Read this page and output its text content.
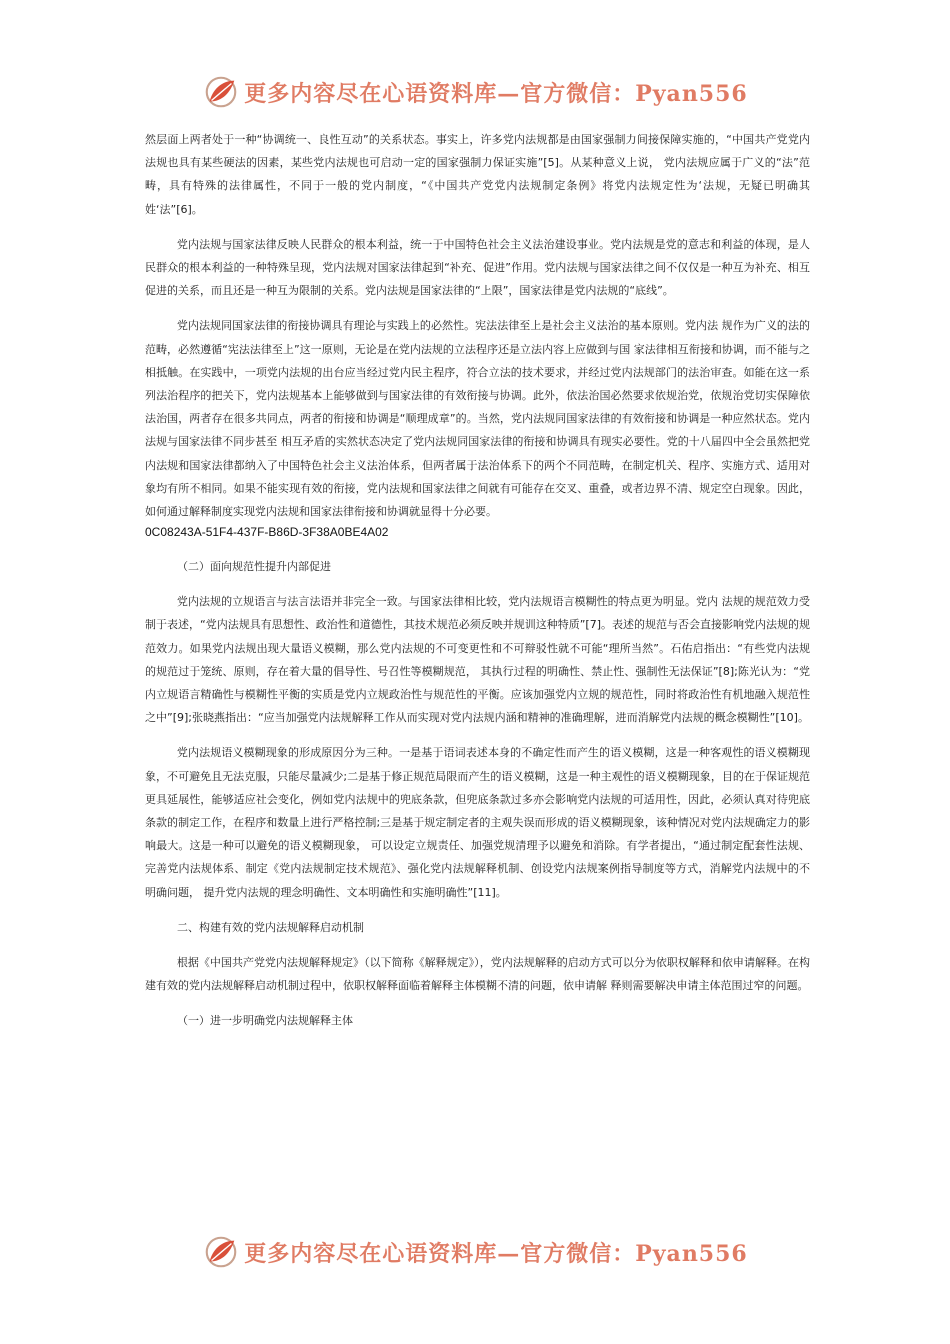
更多内容尽在心语资料库—官方微信：Pyan556

然层面上两者处于一种“协调统一、良性互动”的关系状态。事实上，许多党内法规都是由国家强制力间接保障实施的，“中国共产党党内法规也具有某些硬法的因素，某些党内法规也可启动一定的国家强制力保证实施”[5]。从某种意义上说， 党内法规应属于广义的“法”范畴，具有特殊的法律属性，不同于一般的党内制度，“《中国共产党党内法规制定条例》将党内法规定性为‘法规，无疑已明确其姓‘法”[6]。

党内法规与国家法律反映人民群众的根本利益，统一于中国特色社会主义法治建设事业。党内法规是党的意志和利益的体现，是人民群众的根本利益的一种特殊呈现，党内法规对国家法律起到“补充、促进”作用。党内法规与国家法律之间不仅仅是一种互为补充、相互促进的关系，而且还是一种互为限制的关系。党内法规是国家法律的“上限”，国家法律是党内法规的“底线”。

党内法规同国家法律的衔接协调具有理论与实践上的必然性。宪法法律至上是社会主义法治的基本原则。党内法 规作为广义的法的范畴，必然遵循“宪法法律至上”这一原则，无论是在党内法规的立法程序还是立法内容上应做到与国 家法律相互衔接和协调，而不能与之相抵触。在实践中，一项党内法规的出台应当经过党内民主程序，符合立法的技术要求，并经过党内法规部门的法治审查。如能在这一系列法治程序的把关下，党内法规基本上能够做到与国家法律的有效衔接与协调。此外，依法治国必然要求依规治党，依规治党切实保障依法治国，两者存在很多共同点，两者的衔接和协调是“顺理成章”的。当然，党内法规同国家法律的有效衔接和协调是一种应然状态。党内法规与国家法律不同步甚至 相互矛盾的实然状态决定了党内法规同国家法律的衔接和协调具有现实必要性。党的十八届四中全会虽然把党内法规和国家法律都纳入了中国特色社会主义法治体系，但两者属于法治体系下的两个不同范畴，在制定机关、程序、实施方式、适用对象均有所不相同。如果不能实现有效的衔接，党内法规和国家法律之间就有可能存在交叉、重叠，或者边界不清、规定空白现象。因此，如何通过解释制度实现党内法规和国家法律衔接和协调就显得十分必要。

0C08243A-51F4-437F-B86D-3F38A0BE4A02
（二）面向规范性提升内部促进

党内法规的立规语言与法言法语并非完全一致。与国家法律相比较，党内法规语言模糊性的特点更为明显。党内 法规的规范效力受制于表述，“党内法规具有思想性、政治性和道德性，其技术规范必须反映并规训这种特质”[7]。表述的规范与否会直接影响党内法规的规范效力。如果党内法规出现大量语义模糊，那么党内法规的不可变更性和不可辩驳性就不可能“理所当然”。石佑启指出：“有些党内法规的规范过于笼统、原则，存在着大量的倡导性、号召性等模糊规范， 其执行过程的明确性、禁止性、强制性无法保证”[8];陈光认为：“党内立规语言精确性与模糊性平衡的实质是党内立规政治性与规范性的平衡。应该加强党内立规的规范性，同时将政治性有机地融入规范性之中”[9];张晓燕指出：“应当加强党内法规解释工作从而实现对党内法规内涵和精神的准确理解，进而消解党内法规的概念模糊性”[10]。

党内法规语义模糊现象的形成原因分为三种。一是基于语词表述本身的不确定性而产生的语义模糊，这是一种客观性的语义模糊现象，不可避免且无法克服，只能尽量减少;二是基于修正规范局限而产生的语义模糊，这是一种主观性的语义模糊现象，目的在于保证规范更具延展性，能够适应社会变化，例如党内法规中的兜底条款，但兜底条款过多亦会影响党内法规的可适用性，因此，必须认真对待兜底条款的制定工作，在程序和数量上进行严格控制;三是基于规定制定者的主观失误而形成的语义模糊现象，该种情况对党内法规确定力的影响最大。这是一种可以避免的语义模糊现象， 可以设定立规责任、加强党规清理予以避免和消除。有学者提出，“通过制定配套性法规、完善党内法规体系、制定《党内法规制定技术规范》、强化党内法规解释机制、创设党内法规案例指导制度等方式，消解党内法规中的不明确问题， 提升党内法规的理念明确性、文本明确性和实施明确性”[11]。

二、构建有效的党内法规解释启动机制

根据《中国共产党党内法规解释规定》（以下简称《解释规定》），党内法规解释的启动方式可以分为依职权解释和依申请解释。在构建有效的党内法规解释启动机制过程中，依职权解释面临着解释主体模糊不清的问题，依申请解 释则需要解决申请主体范围过窄的问题。

（一）进一步明确党内法规解释主体
更多内容尽在心语资料库—官方微信：Pyan556
